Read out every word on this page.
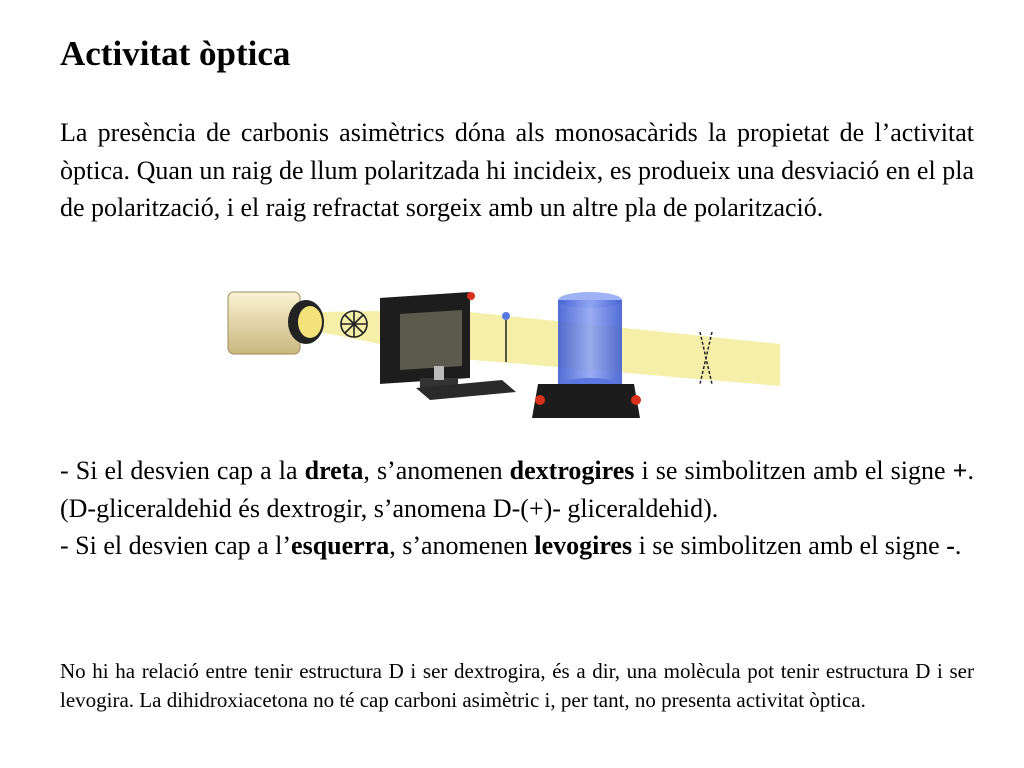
Activitat òptica

La presència de carbonis asimètrics dóna als monosacàrids la propietat de l’activitat òptica. Quan un raig de llum polaritzada hi incideix, es produeix una desviació en el pla de polarització, i el raig refractat sorgeix amb un altre pla de polarització.

- Si el desvien cap a la dreta, s’anomenen dextrogires i se simbolitzen amb el signe +. (D-gliceraldehid és dextrogir, s’anomena D-(+)- gliceraldehid).
- Si el desvien cap a l’esquerra, s’anomenen levogires i se simbolitzen amb el signe -.

No hi ha relació entre tenir estructura D i ser dextrogira, és a dir, una molècula pot tenir estructura D i ser levogira. La dihidroxiacetona no té cap carboni asimètric i, per tant, no presenta activitat òptica.
